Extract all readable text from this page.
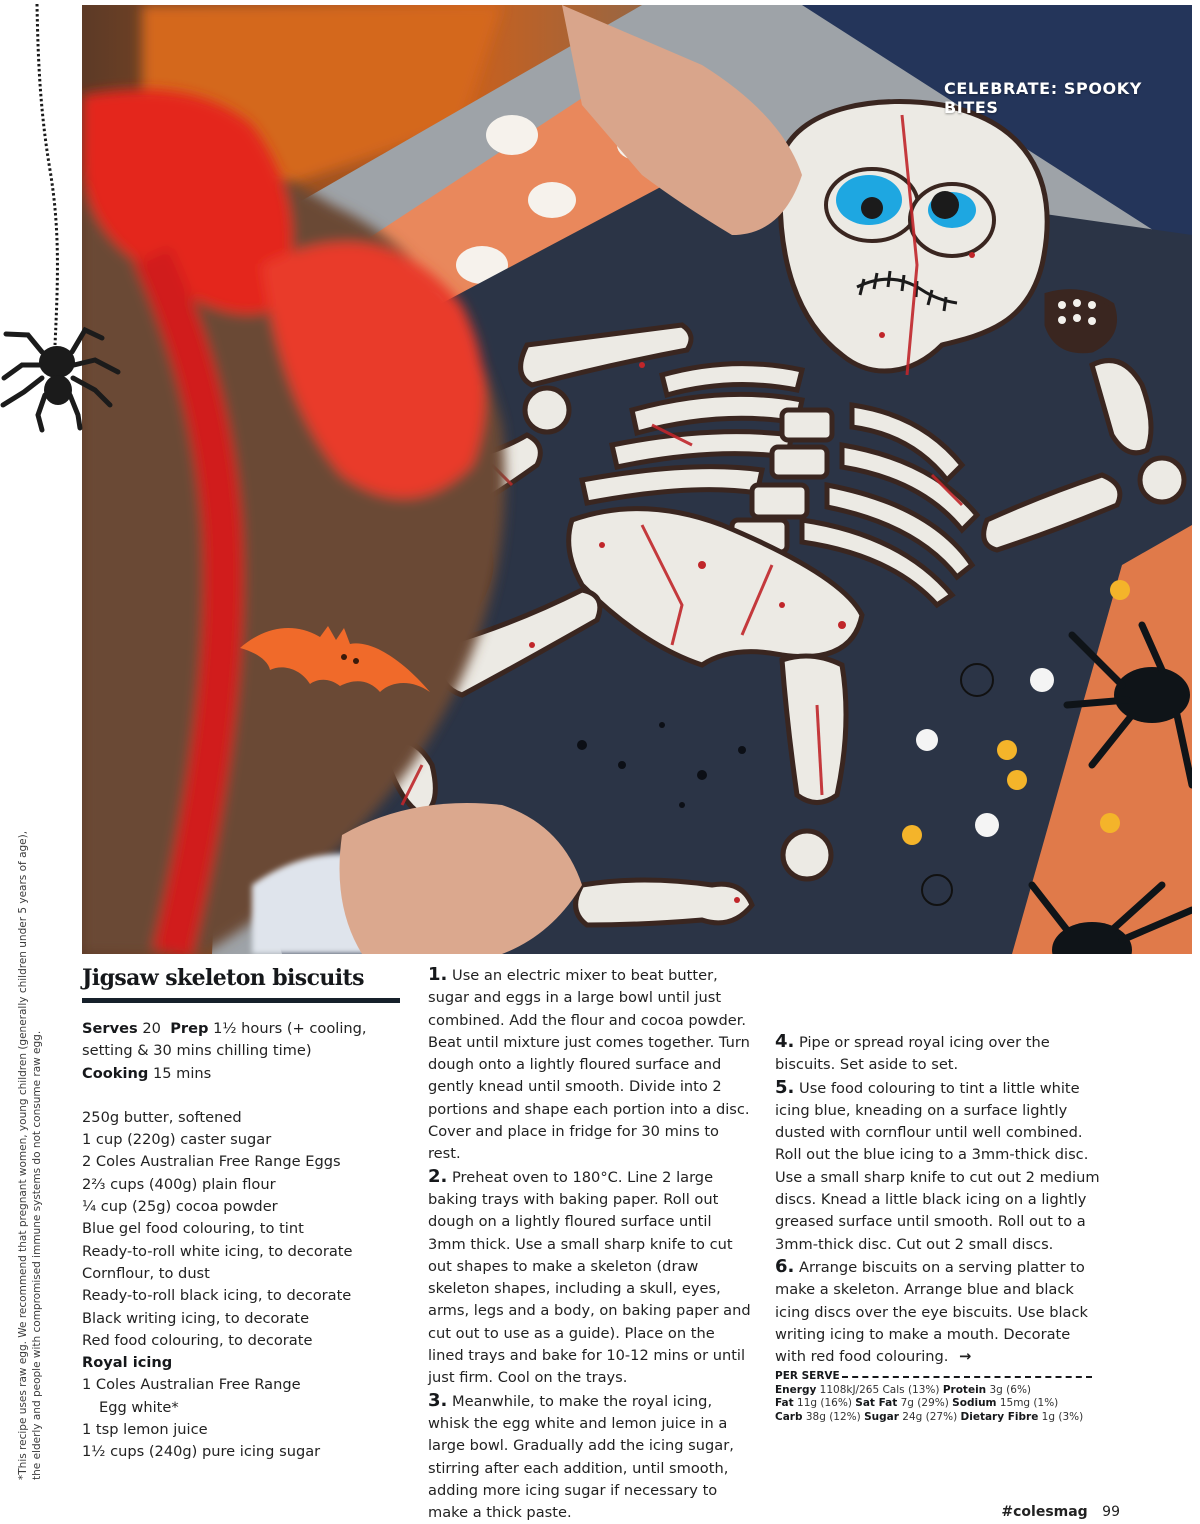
CELEBRATE: SPOOKY BITES
*This recipe uses raw egg. We recommend that pregnant women, young children (generally children under 5 years of age), the elderly and people with compromised immune systems do not consume raw egg.
Jigsaw skeleton biscuits
Serves 20 Prep 1½ hours (+ cooling, setting & 30 mins chilling time)
Cooking 15 mins
250g butter, softened
1 cup (220g) caster sugar
2 Coles Australian Free Range Eggs
2⅔ cups (400g) plain flour
¼ cup (25g) cocoa powder
Blue gel food colouring, to tint
Ready-to-roll white icing, to decorate
Cornflour, to dust
Ready-to-roll black icing, to decorate
Black writing icing, to decorate
Red food colouring, to decorate
Royal icing
1 Coles Australian Free Range
Egg white*
1 tsp lemon juice
1½ cups (240g) pure icing sugar

1. Use an electric mixer to beat butter, sugar and eggs in a large bowl until just combined. Add the flour and cocoa powder. Beat until mixture just comes together. Turn dough onto a lightly floured surface and gently knead until smooth. Divide into 2 portions and shape each portion into a disc. Cover and place in fridge for 30 mins to rest.

2. Preheat oven to 180°C. Line 2 large baking trays with baking paper. Roll out dough on a lightly floured surface until 3mm thick. Use a small sharp knife to cut out shapes to make a skeleton (draw skeleton shapes, including a skull, eyes, arms, legs and a body, on baking paper and cut out to use as a guide). Place on the lined trays and bake for 10-12 mins or until just firm. Cool on the trays.

3. Meanwhile, to make the royal icing, whisk the egg white and lemon juice in a large bowl. Gradually add the icing sugar, stirring after each addition, until smooth, adding more icing sugar if necessary to make a thick paste.

4. Pipe or spread royal icing over the biscuits. Set aside to set.

5. Use food colouring to tint a little white icing blue, kneading on a surface lightly dusted with cornflour until well combined. Roll out the blue icing to a 3mm-thick disc. Use a small sharp knife to cut out 2 medium discs. Knead a little black icing on a lightly greased surface until smooth. Roll out to a 3mm-thick disc. Cut out 2 small discs.

6. Arrange biscuits on a serving platter to make a skeleton. Arrange blue and black icing discs over the eye biscuits. Use black writing icing to make a mouth. Decorate with red food colouring. →

PER SERVE
Energy 1108kJ/265 Cals (13%) Protein 3g (6%)
Fat 11g (16%) Sat Fat 7g (29%) Sodium 15mg (1%)
Carb 38g (12%) Sugar 24g (27%) Dietary Fibre 1g (3%)
#colesmag 99
